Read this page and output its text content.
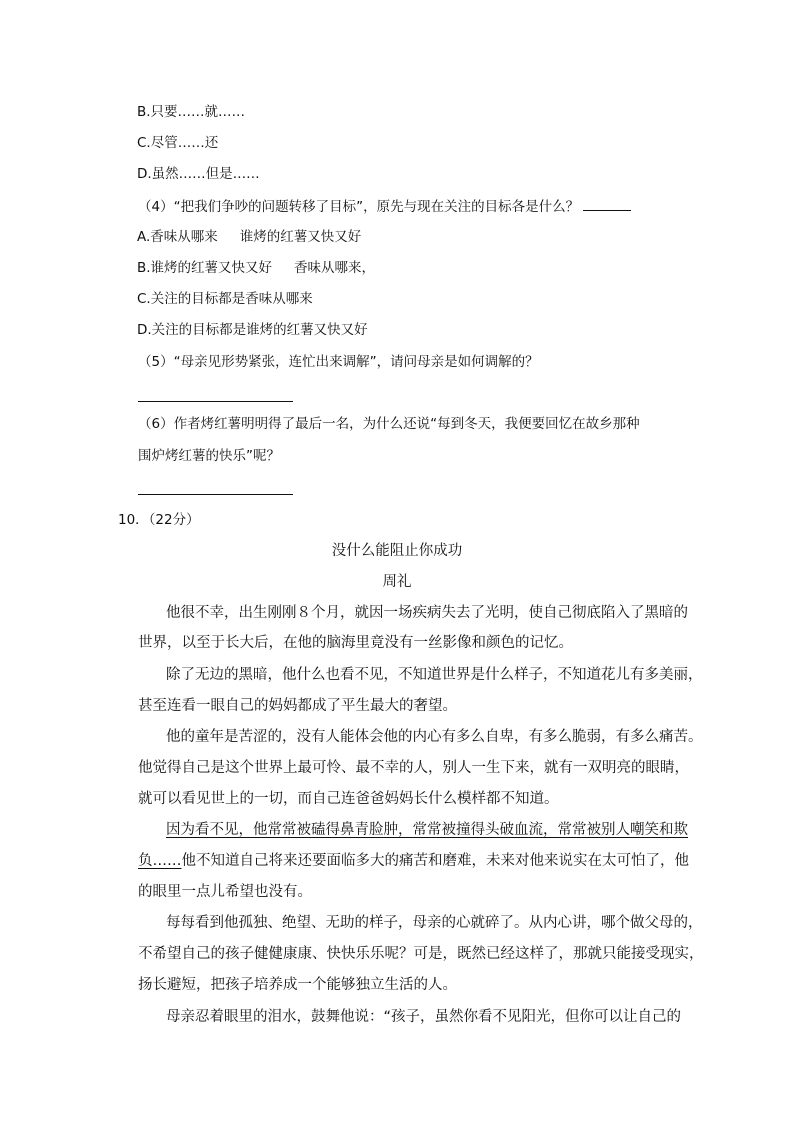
B.只要……就……
C.尽管……还
D.虽然……但是……
（4）“把我们争吵的问题转移了目标”，原先与现在关注的目标各是什么？
A.香味从哪来 谁烤的红薯又快又好
B.谁烤的红薯又快又好 香味从哪来，
C.关注的目标都是香味从哪来
D.关注的目标都是谁烤的红薯又快又好
（5）“母亲见形势紧张，连忙出来调解”，请问母亲是如何调解的？
（6）作者烤红薯明明得了最后一名，为什么还说“每到冬天，我便要回忆在故乡那种
围炉烤红薯的快乐”呢？
10．（22分）
没什么能阻止你成功
周礼
他很不幸，出生刚刚８个月，就因一场疾病失去了光明，使自己彻底陷入了黑暗的
世界，以至于长大后，在他的脑海里竟没有一丝影像和颜色的记忆。
除了无边的黑暗，他什么也看不见，不知道世界是什么样子，不知道花儿有多美丽，
甚至连看一眼自己的妈妈都成了平生最大的奢望。
他的童年是苦涩的，没有人能体会他的内心有多么自卑，有多么脆弱，有多么痛苦。
他觉得自己是这个世界上最可怜、最不幸的人，别人一生下来，就有一双明亮的眼睛，
就可以看见世上的一切，而自己连爸爸妈妈长什么模样都不知道。
因为看不见，他常常被磕得鼻青脸肿，常常被撞得头破血流，常常被别人嘲笑和欺
负……他不知道自己将来还要面临多大的痛苦和磨难，未来对他来说实在太可怕了，他
的眼里一点儿希望也没有。
每每看到他孤独、绝望、无助的样子，母亲的心就碎了。从内心讲，哪个做父母的，
不希望自己的孩子健健康康、快快乐乐呢？可是，既然已经这样了，那就只能接受现实，
扬长避短，把孩子培养成一个能够独立生活的人。
母亲忍着眼里的泪水，鼓舞他说：“孩子，虽然你看不见阳光，但你可以让自己的
